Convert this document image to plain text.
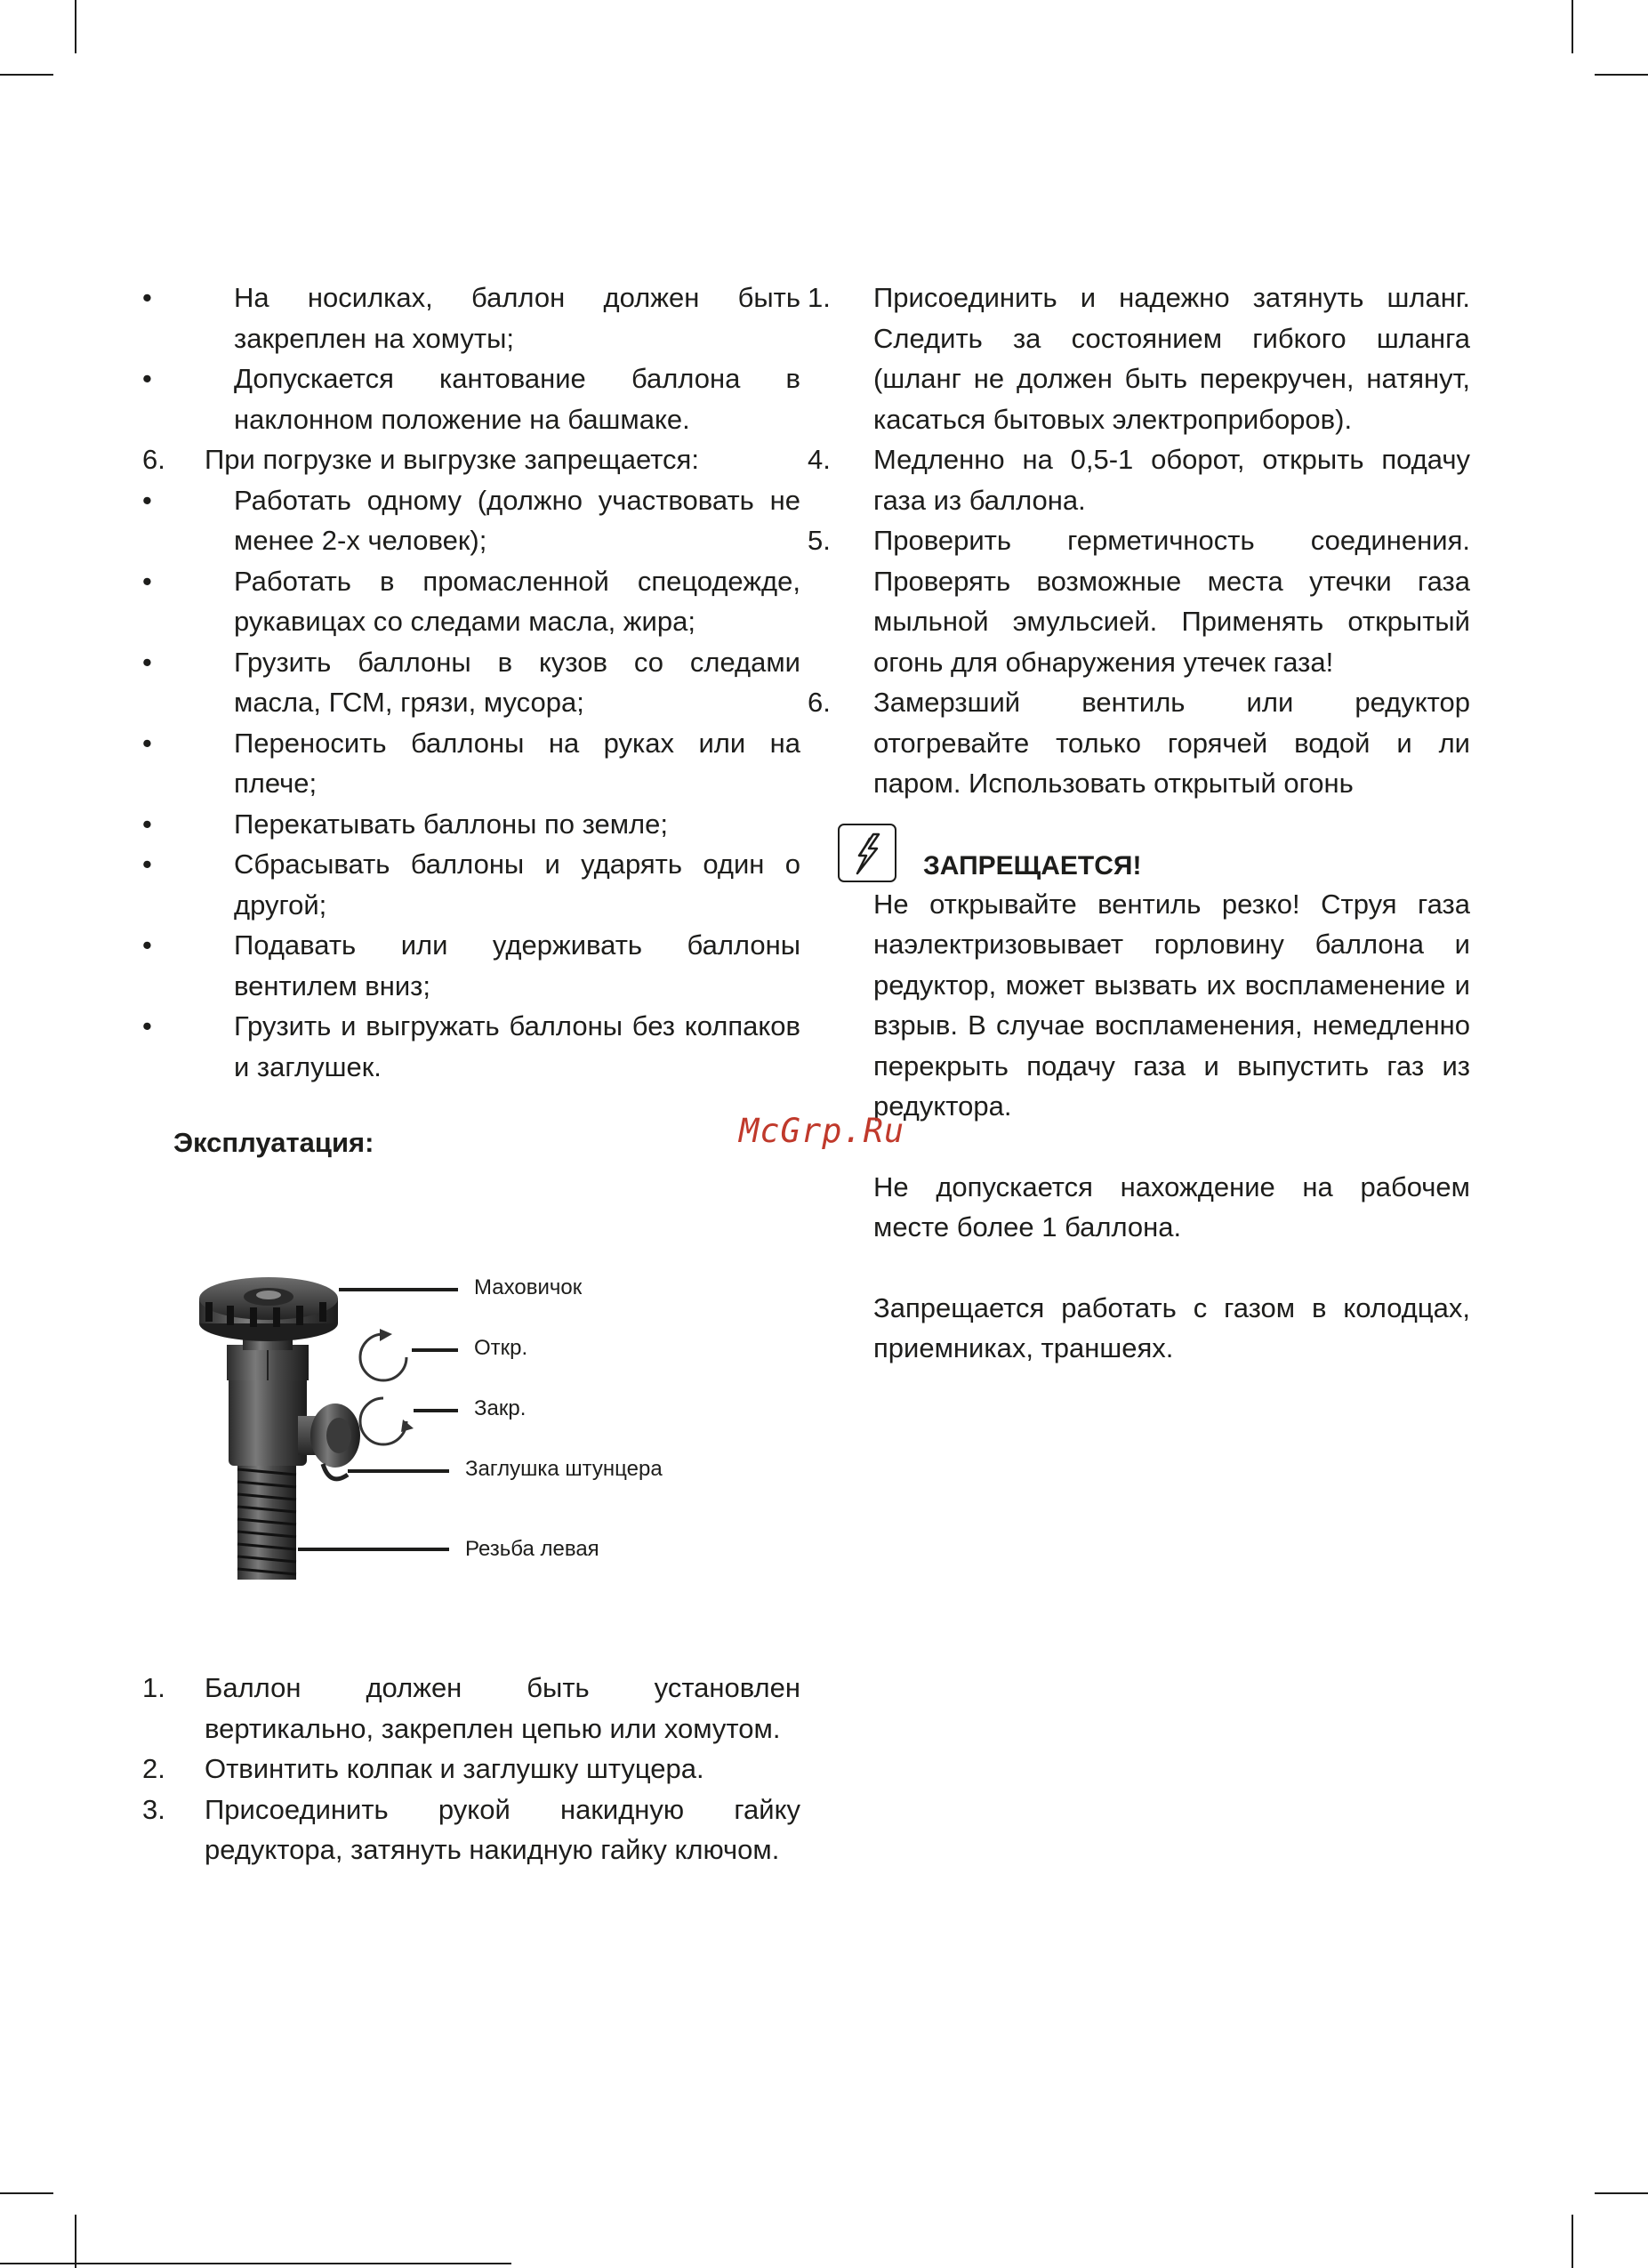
•	На носилках, баллон должен быть закреплен на хомуты;
•	Допускается кантование баллона в наклонном положение на башмаке.
6. При погрузке и выгрузке запрещается:
•	Работать одному (должно участвовать не менее 2-х человек);
•	Работать в промасленной спецодежде, рукавицах со следами масла, жира;
•	Грузить баллоны в кузов со следами масла, ГСМ, грязи, мусора;
•	Переносить баллоны на руках или на плече;
•	Перекатывать баллоны по земле;
•	Сбрасывать баллоны и ударять один о другой;
•	Подавать или удерживать баллоны вентилем вниз;
•	Грузить и выгружать баллоны без колпаков и заглушек.
Эксплуатация:
Маховичок
Откр.
Закр.
Заглушка штунцера
Резьба левая
1. Баллон должен быть установлен вертикально, закреплен цепью или хомутом.
2. Отвинтить колпак и заглушку штуцера.
3. Присоединить рукой накидную гайку редуктора, затянуть накидную гайку ключом.
1. Присоединить и надежно затянуть шланг. Следить за состоянием гибкого шланга (шланг не должен быть перекручен, натянут, касаться бытовых электроприборов).
4. Медленно на 0,5-1 оборот, открыть подачу газа из баллона.
5. Проверить герметичность соединения. Проверять возможные места утечки газа мыльной эмульсией. Применять открытый огонь для обнаружения утечек газа!
6. Замерзший вентиль или редуктор отогревайте только горячей водой и ли паром. Использовать открытый огонь
ЗАПРЕЩАЕТСЯ!
Не открывайте вентиль резко! Струя газа наэлектризовывает горловину баллона и редуктор, может вызвать их воспламенение и взрыв. В случае воспламенения, немедленно перекрыть подачу газа и выпустить газ из редуктора.
Не допускается нахождение на рабочем месте более 1 баллона.
Запрещается работать с газом в колодцах, приемниках, траншеях.
McGrp.Ru
